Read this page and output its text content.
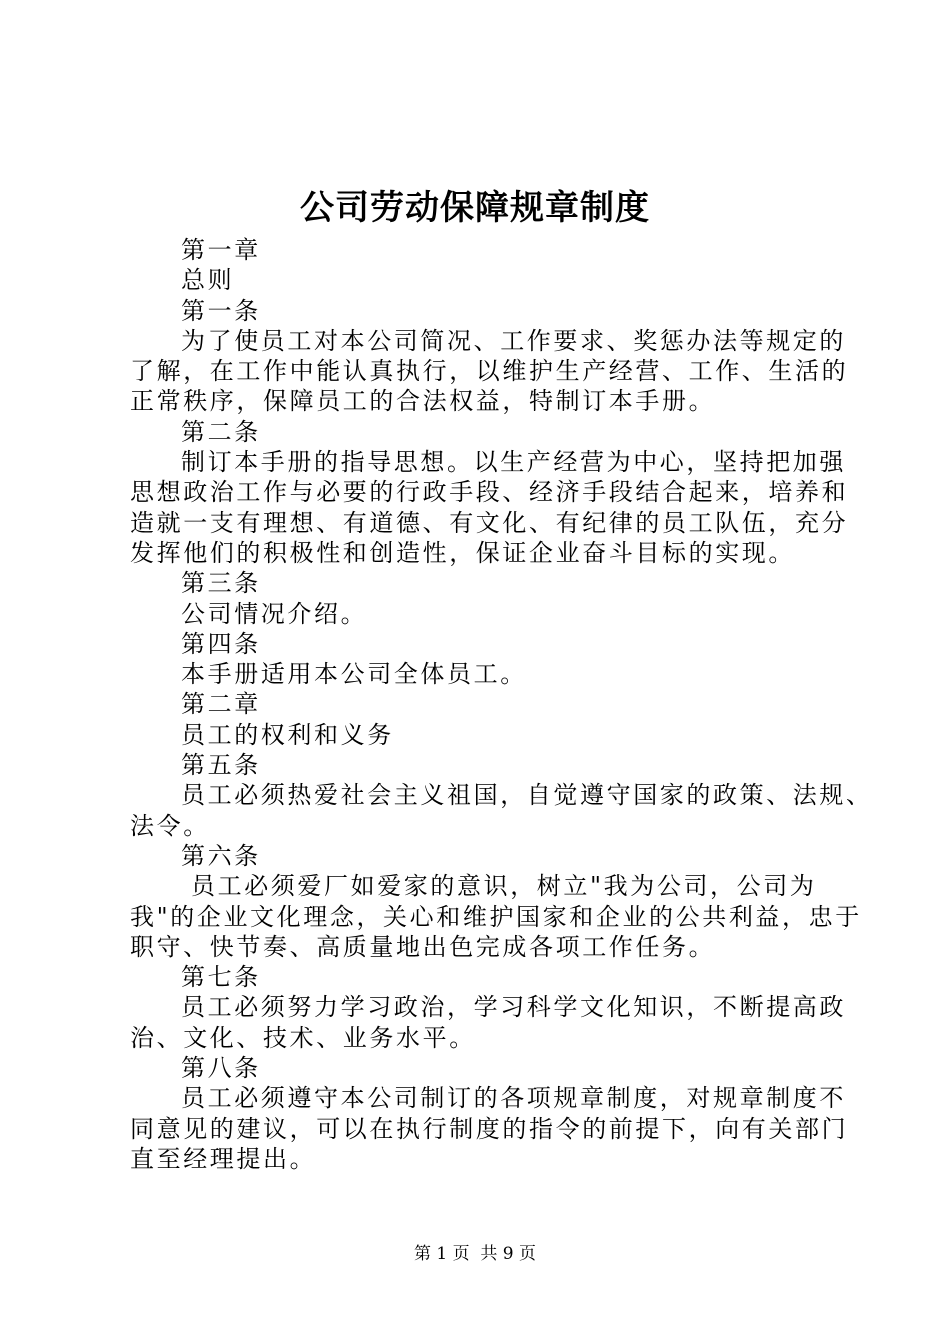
公司劳动保障规章制度
第一章
总则
第一条
为了使员工对本公司简况、工作要求、奖惩办法等规定的
了解，在工作中能认真执行，以维护生产经营、工作、生活的
正常秩序，保障员工的合法权益，特制订本手册。
第二条
制订本手册的指导思想。以生产经营为中心，坚持把加强
思想政治工作与必要的行政手段、经济手段结合起来，培养和
造就一支有理想、有道德、有文化、有纪律的员工队伍，充分
发挥他们的积极性和创造性，保证企业奋斗目标的实现。
第三条
公司情况介绍。
第四条
本手册适用本公司全体员工。
第二章
员工的权利和义务
第五条
员工必须热爱社会主义祖国，自觉遵守国家的政策、法规、
法令。
第六条
员工必须爱厂如爱家的意识，树立"我为公司，公司为
我"的企业文化理念，关心和维护国家和企业的公共利益，忠于
职守、快节奏、高质量地出色完成各项工作任务。
第七条
员工必须努力学习政治，学习科学文化知识，不断提高政
治、文化、技术、业务水平。
第八条
员工必须遵守本公司制订的各项规章制度，对规章制度不
同意见的建议，可以在执行制度的指令的前提下，向有关部门
直至经理提出。
第 1 页  共 9 页
